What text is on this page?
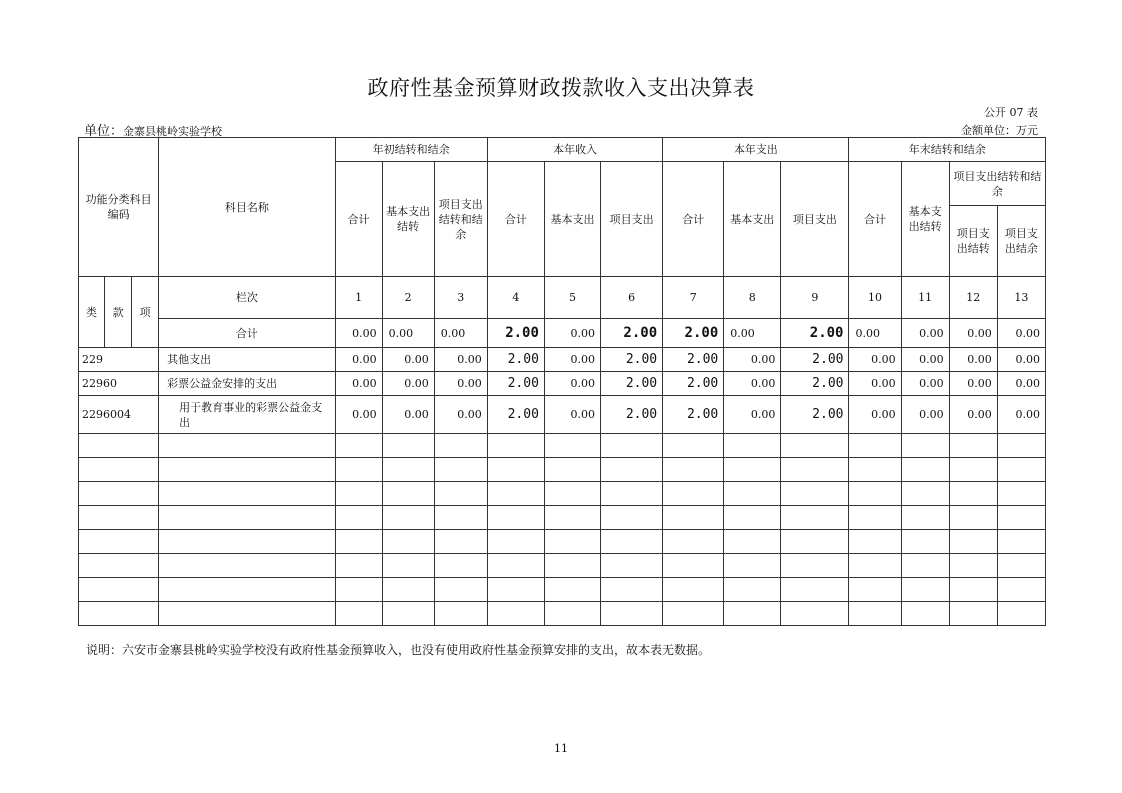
政府性基金预算财政拨款收入支出决算表
公开 07 表
单位：金寨县桃岭实验学校	金额单位：万元
功能分类科目编码			科目名称	年初结转和结余			本年收入			本年支出			年末结转和结余			
				合计	基本支出结转	项目支出结转和结余	合计	基本支出	项目支出	合计	基本支出	项目支出	合计	基本支出结转	项目支出结转和结余	
															项目支出结转	项目支出结余
类	款	项	栏次	1	2	3	4	5	6	7	8	9	10	11	12	13
			合计	0.00	0.00	0.00	2.00	0.00	2.00	2.00	0.00	2.00	0.00	0.00	0.00	0.00
229			其他支出	0.00	0.00	0.00	2.00	0.00	2.00	2.00	0.00	2.00	0.00	0.00	0.00	0.00
22960			彩票公益金安排的支出	0.00	0.00	0.00	2.00	0.00	2.00	2.00	0.00	2.00	0.00	0.00	0.00	0.00
2296004			用于教育事业的彩票公益金支出	0.00	0.00	0.00	2.00	0.00	2.00	2.00	0.00	2.00	0.00	0.00	0.00	0.00

说明：六安市金寨县桃岭实验学校没有政府性基金预算收入，也没有使用政府性基金预算安排的支出，故本表无数据。
11
